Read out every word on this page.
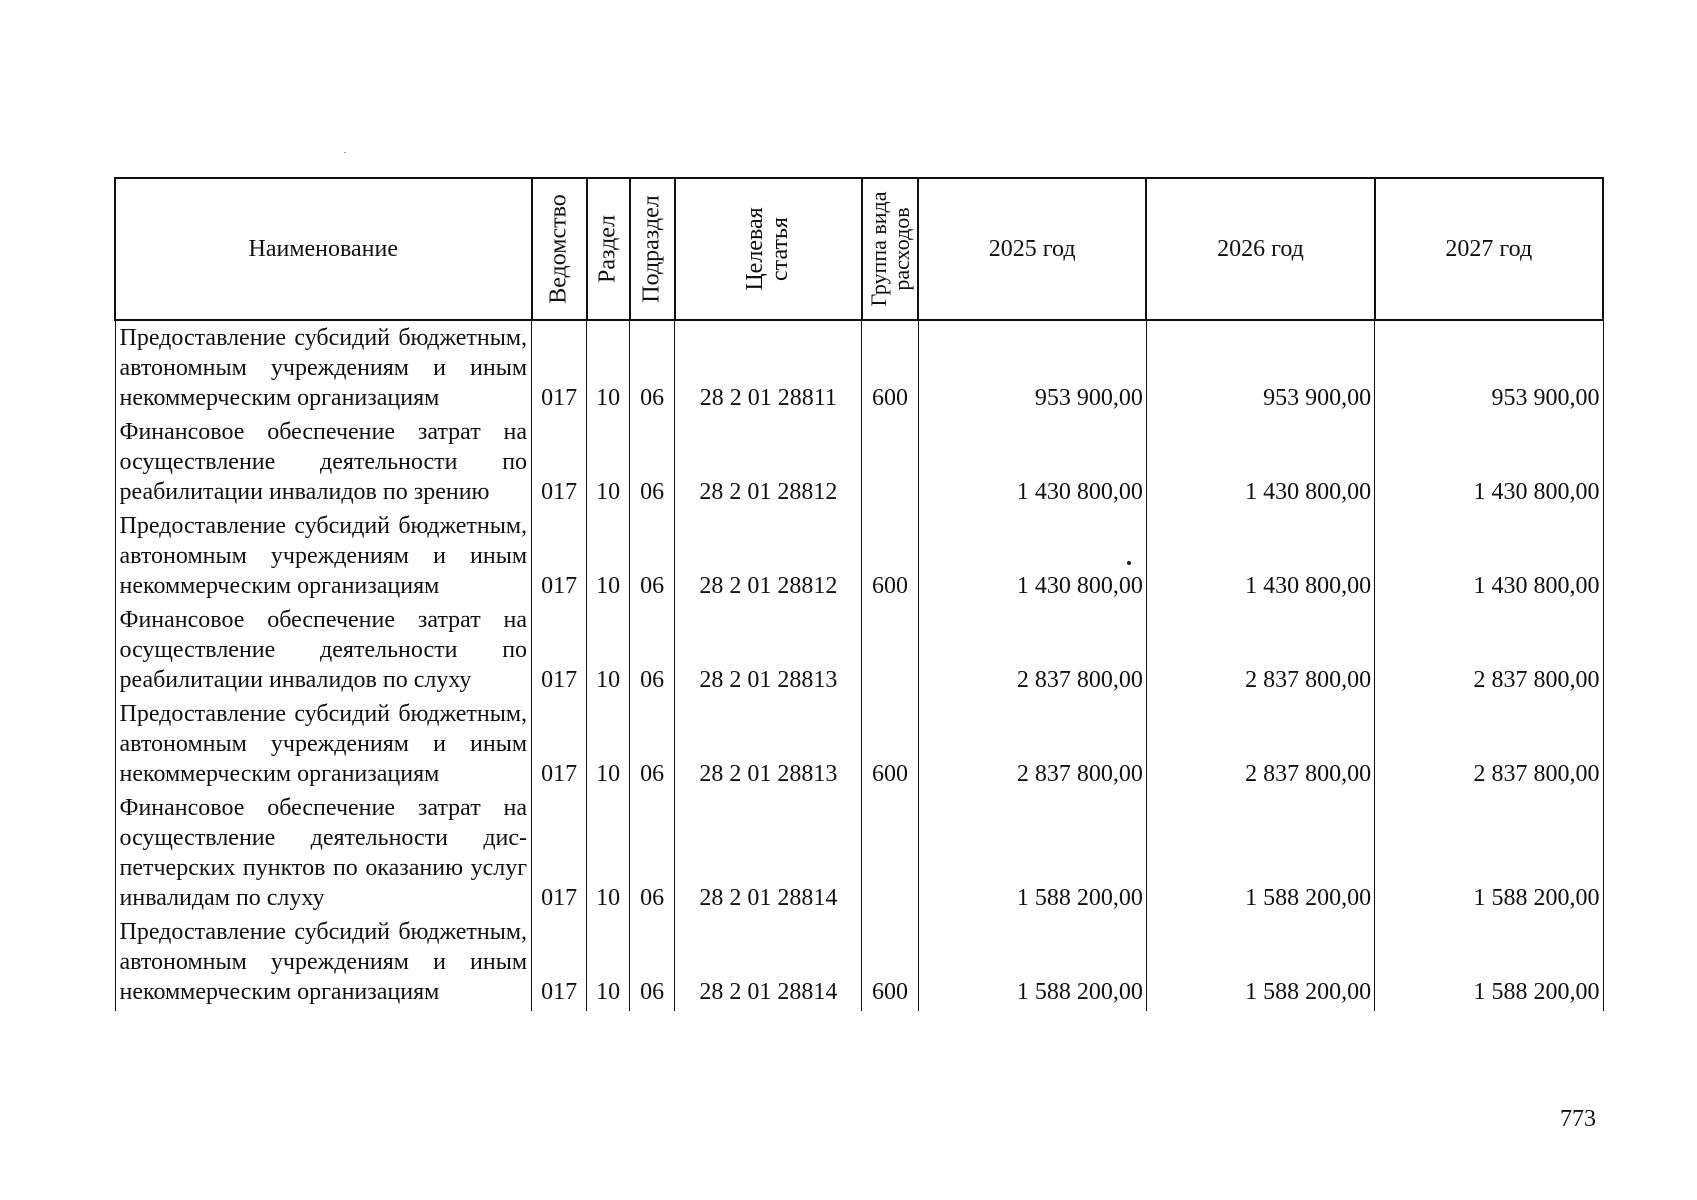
Наименование	Ведомство	Раздел	Подраздел	Целевая
статья	Группа вида
расходов	2025 год	2026 год	2027 год
Предоставление субсидий бюджетным, автономным учреждениям и иным некоммерческим организациям	017	10	06	28 2 01 28811	600	953 900,00	953 900,00	953 900,00
Финансовое обеспечение затрат на осуществление деятельности по реабилитации инвалидов по зрению	017	10	06	28 2 01 28812		1 430 800,00	1 430 800,00	1 430 800,00
Предоставление субсидий бюджетным, автономным учреждениям и иным некоммерческим организациям	017	10	06	28 2 01 28812	600	1 430 800,00	1 430 800,00	1 430 800,00
Финансовое обеспечение затрат на осуществление деятельности по реабилитации инвалидов по слуху	017	10	06	28 2 01 28813		2 837 800,00	2 837 800,00	2 837 800,00
Предоставление субсидий бюджетным, автономным учреждениям и иным некоммерческим организациям	017	10	06	28 2 01 28813	600	2 837 800,00	2 837 800,00	2 837 800,00
Финансовое обеспечение затрат на осуществление деятельности диспетчерских пунктов по оказанию услуг инвалидам по слуху	017	10	06	28 2 01 28814		1 588 200,00	1 588 200,00	1 588 200,00
Предоставление субсидий бюджетным, автономным учреждениям и иным некоммерческим организациям	017	10	06	28 2 01 28814	600	1 588 200,00	1 588 200,00	1 588 200,00
773
